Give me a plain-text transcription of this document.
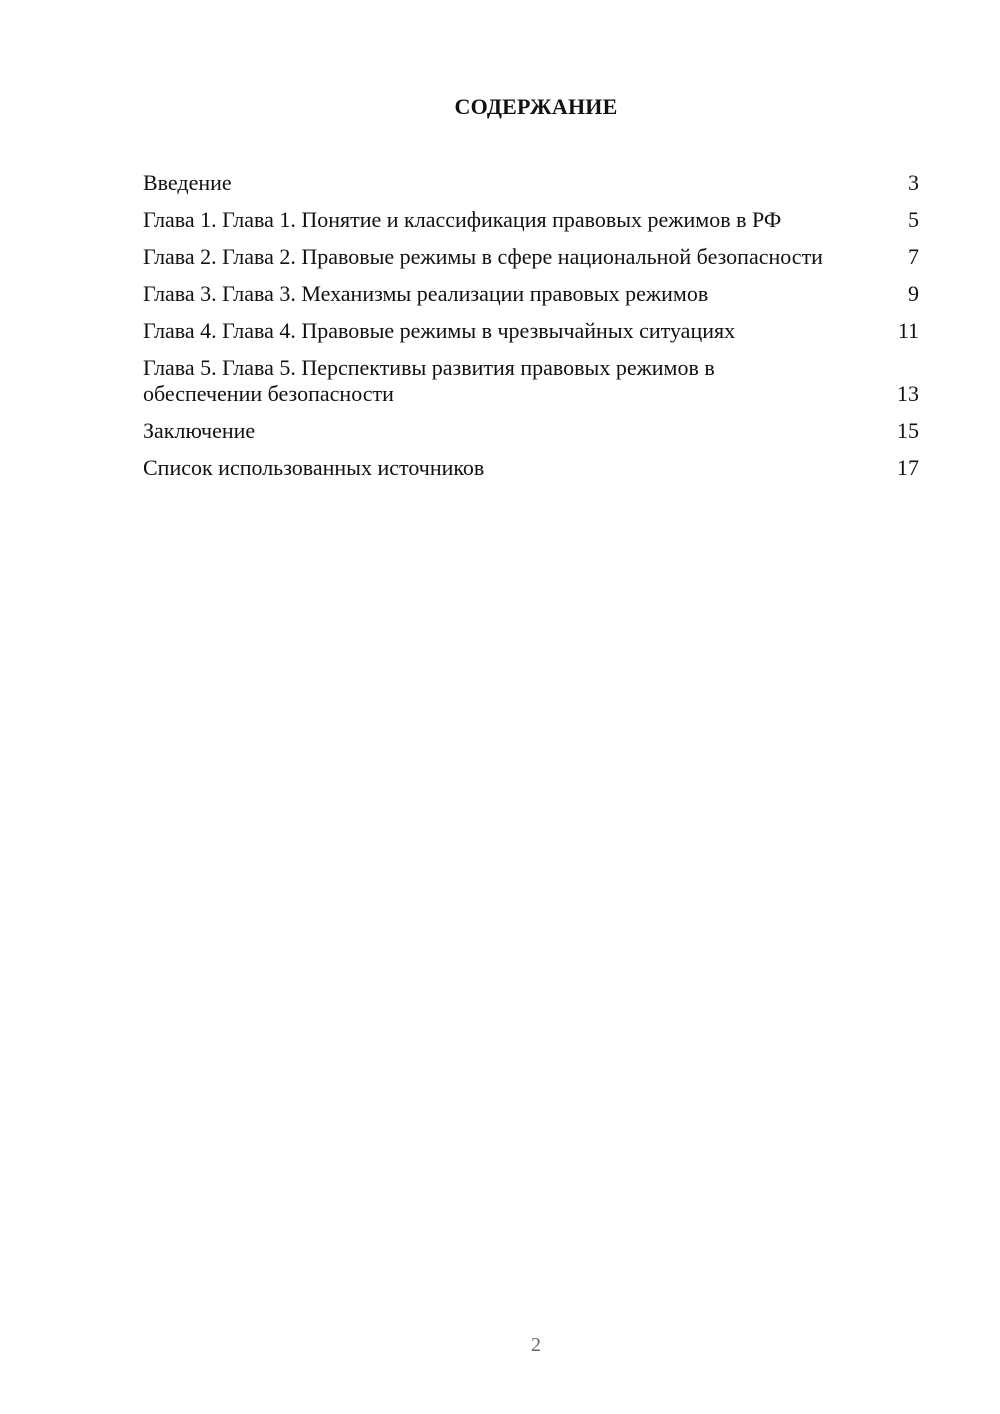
СОДЕРЖАНИЕ
Введение	3
Глава 1. Глава 1. Понятие и классификация правовых режимов в РФ	5
Глава 2. Глава 2. Правовые режимы в сфере национальной безопасности	7
Глава 3. Глава 3. Механизмы реализации правовых режимов	9
Глава 4. Глава 4. Правовые режимы в чрезвычайных ситуациях	11
Глава 5. Глава 5. Перспективы развития правовых режимов в обеспечении безопасности	13
Заключение	15
Список использованных источников	17
2
